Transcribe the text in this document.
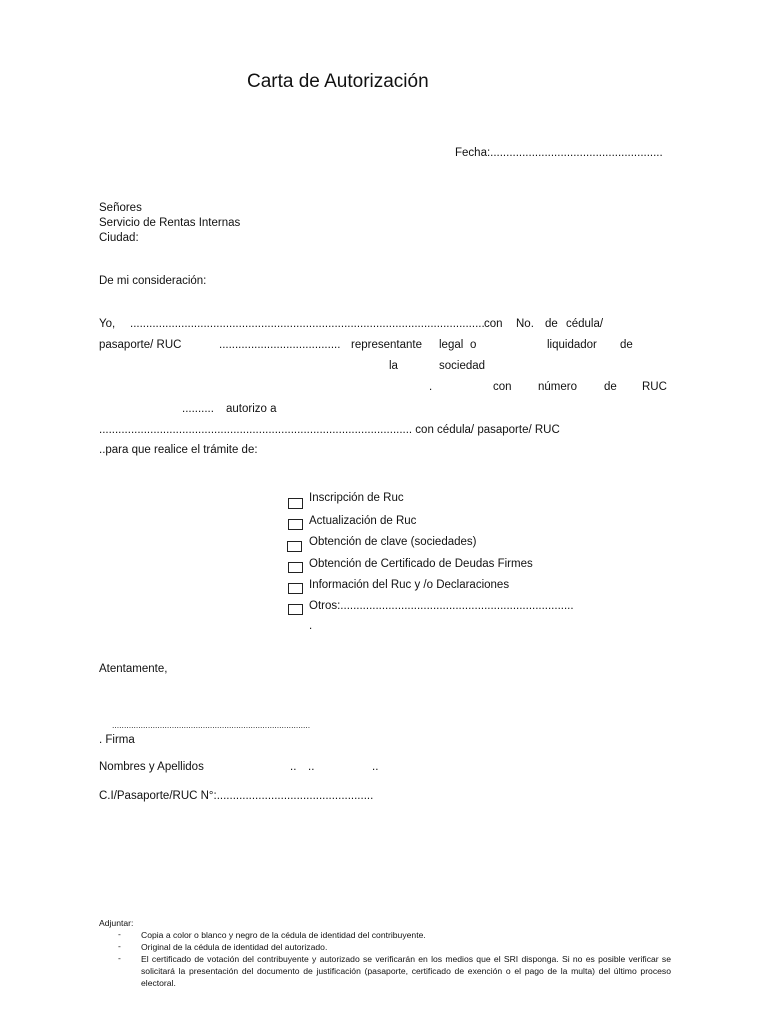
Carta de Autorización
Fecha:......................................................
Señores
Servicio de Rentas Internas
Ciudad:
De mi consideración:
Yo, ............................................................................................................... con No. de cédula/
pasaporte/ RUC	...................................... representante legal o	liquidador de
la	sociedad
.	con número de RUC
.......... autorizo a
.................................................................................................. con cédula/ pasaporte/ RUC
..para que realice el trámite de:
Inscripción de Ruc
Actualización de Ruc
Obtención de clave (sociedades)
Obtención de Certificado de Deudas Firmes
Información del Ruc y /o Declaraciones
Otros:.........................................................................
.
Atentamente,
...................................................................................
. Firma
Nombres y Apellidos	.. ..	..
C.I/Pasaporte/RUC N°:.................................................
Adjuntar:
- Copia a color o blanco y negro de la cédula de identidad del contribuyente.
- Original de la cédula de identidad del autorizado.
- El certificado de votación del contribuyente y autorizado se verificarán en los medios que el SRI disponga. Si no es posible verificar se solicitará la presentación del documento de justificación (pasaporte, certificado de exención o el pago de la multa) del último proceso electoral.
